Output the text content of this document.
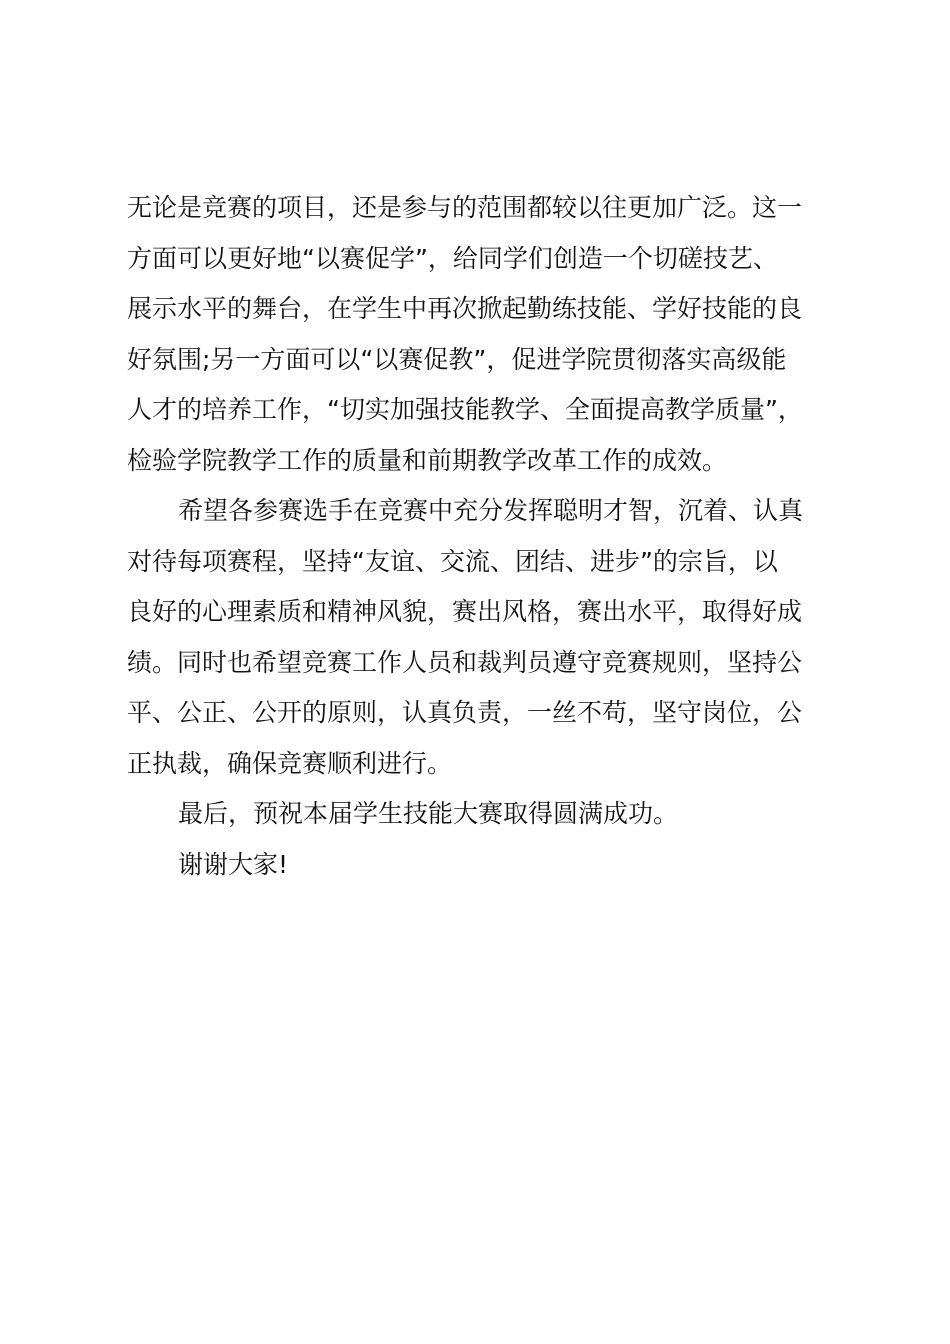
无论是竞赛的项目，还是参与的范围都较以往更加广泛。这一
方面可以更好地“以赛促学”，给同学们创造一个切磋技艺、
展示水平的舞台，在学生中再次掀起勤练技能、学好技能的良
好氛围;另一方面可以“以赛促教”，促进学院贯彻落实高级能
人才的培养工作，“切实加强技能教学、全面提高教学质量”，
检验学院教学工作的质量和前期教学改革工作的成效。
希望各参赛选手在竞赛中充分发挥聪明才智，沉着、认真
对待每项赛程，坚持“友谊、交流、团结、进步”的宗旨，以
良好的心理素质和精神风貌，赛出风格，赛出水平，取得好成
绩。同时也希望竞赛工作人员和裁判员遵守竞赛规则，坚持公
平、公正、公开的原则，认真负责，一丝不苟，坚守岗位，公
正执裁，确保竞赛顺利进行。
最后，预祝本届学生技能大赛取得圆满成功。
谢谢大家!
